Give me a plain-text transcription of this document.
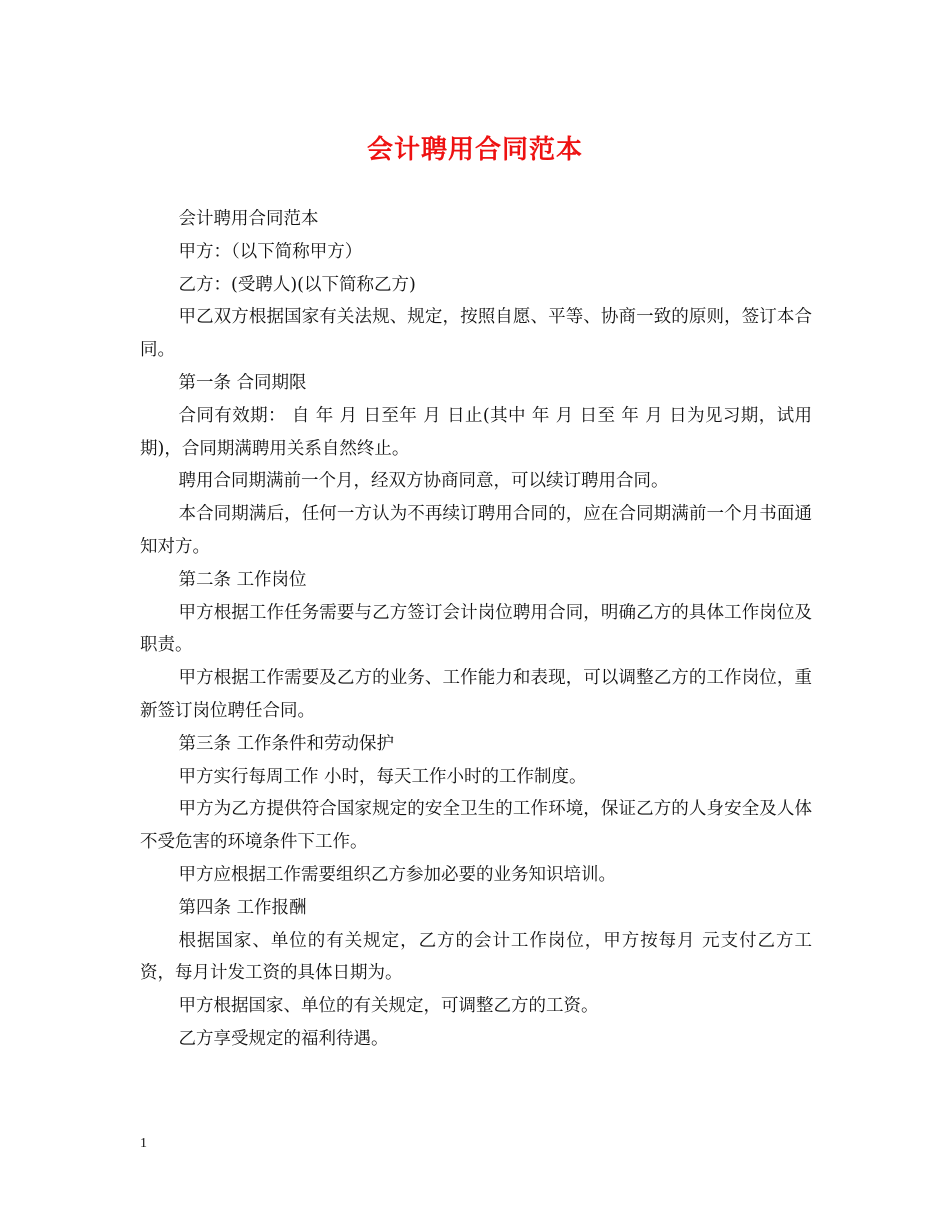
会计聘用合同范本

会计聘用合同范本

甲方：（以下简称甲方）

乙方：(受聘人)(以下简称乙方)

甲乙双方根据国家有关法规、规定，按照自愿、平等、协商一致的原则，签订本合同。

第一条 合同期限

合同有效期： 自 年 月 日至年 月 日止(其中 年 月 日至 年 月 日为见习期，试用期)，合同期满聘用关系自然终止。

聘用合同期满前一个月，经双方协商同意，可以续订聘用合同。

本合同期满后，任何一方认为不再续订聘用合同的，应在合同期满前一个月书面通知对方。

第二条 工作岗位

甲方根据工作任务需要与乙方签订会计岗位聘用合同，明确乙方的具体工作岗位及职责。

甲方根据工作需要及乙方的业务、工作能力和表现，可以调整乙方的工作岗位，重新签订岗位聘任合同。

第三条 工作条件和劳动保护

甲方实行每周工作 小时，每天工作小时的工作制度。

甲方为乙方提供符合国家规定的安全卫生的工作环境，保证乙方的人身安全及人体不受危害的环境条件下工作。

甲方应根据工作需要组织乙方参加必要的业务知识培训。

第四条 工作报酬

根据国家、单位的有关规定，乙方的会计工作岗位，甲方按每月 元支付乙方工资，每月计发工资的具体日期为。

甲方根据国家、单位的有关规定，可调整乙方的工资。

乙方享受规定的福利待遇。

1
